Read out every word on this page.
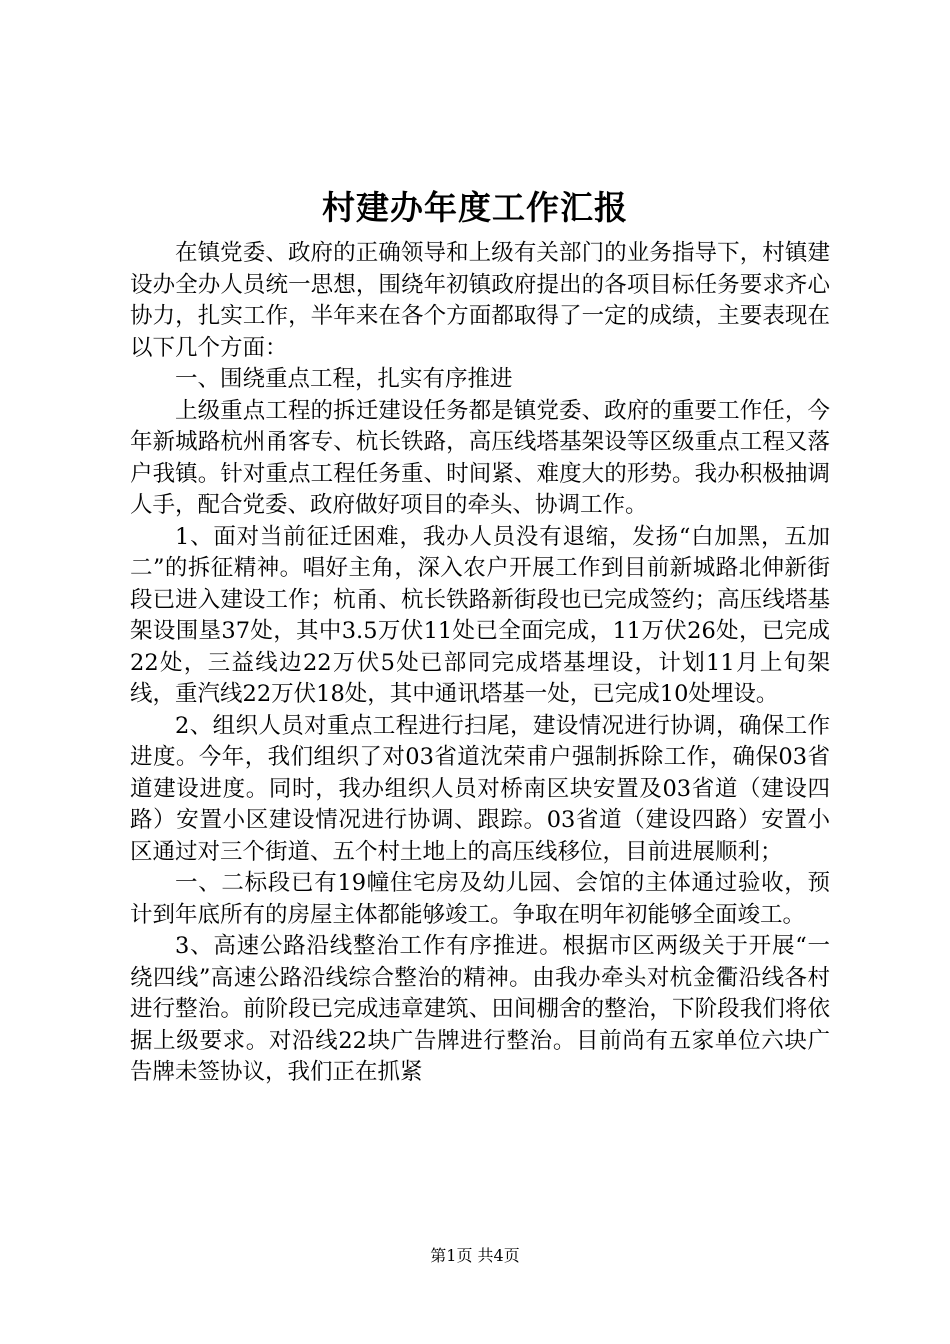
村建办年度工作汇报

在镇党委、政府的正确领导和上级有关部门的业务指导下，村镇建设办全办人员统一思想，围绕年初镇政府提出的各项目标任务要求齐心协力，扎实工作，半年来在各个方面都取得了一定的成绩，主要表现在以下几个方面：

一、围绕重点工程，扎实有序推进

上级重点工程的拆迁建设任务都是镇党委、政府的重要工作任，今年新城路杭州甬客专、杭长铁路，高压线塔基架设等区级重点工程又落户我镇。针对重点工程任务重、时间紧、难度大的形势。我办积极抽调人手，配合党委、政府做好项目的牵头、协调工作。

1、面对当前征迁困难，我办人员没有退缩，发扬“白加黑，五加二”的拆征精神。唱好主角，深入农户开展工作到目前新城路北伸新街段已进入建设工作；杭甬、杭长铁路新街段也已完成签约；高压线塔基架设围垦37处，其中3.5万伏11处已全面完成，11万伏26处，已完成22处，三益线边22万伏5处已部同完成塔基埋设，计划11月上旬架线，重汽线22万伏18处，其中通讯塔基一处，已完成10处埋设。

2、组织人员对重点工程进行扫尾，建设情况进行协调，确保工作进度。今年，我们组织了对03省道沈荣甫户强制拆除工作，确保03省道建设进度。同时，我办组织人员对桥南区块安置及03省道（建设四路）安置小区建设情况进行协调、跟踪。03省道（建设四路）安置小区通过对三个街道、五个村土地上的高压线移位，目前进展顺利；

一、二标段已有19幢住宅房及幼儿园、会馆的主体通过验收，预计到年底所有的房屋主体都能够竣工。争取在明年初能够全面竣工。

3、高速公路沿线整治工作有序推进。根据市区两级关于开展“一绕四线”高速公路沿线综合整治的精神。由我办牵头对杭金衢沿线各村进行整治。前阶段已完成违章建筑、田间棚舍的整治，下阶段我们将依据上级要求。对沿线22块广告牌进行整治。目前尚有五家单位六块广告牌未签协议，我们正在抓紧

第1页 共4页
